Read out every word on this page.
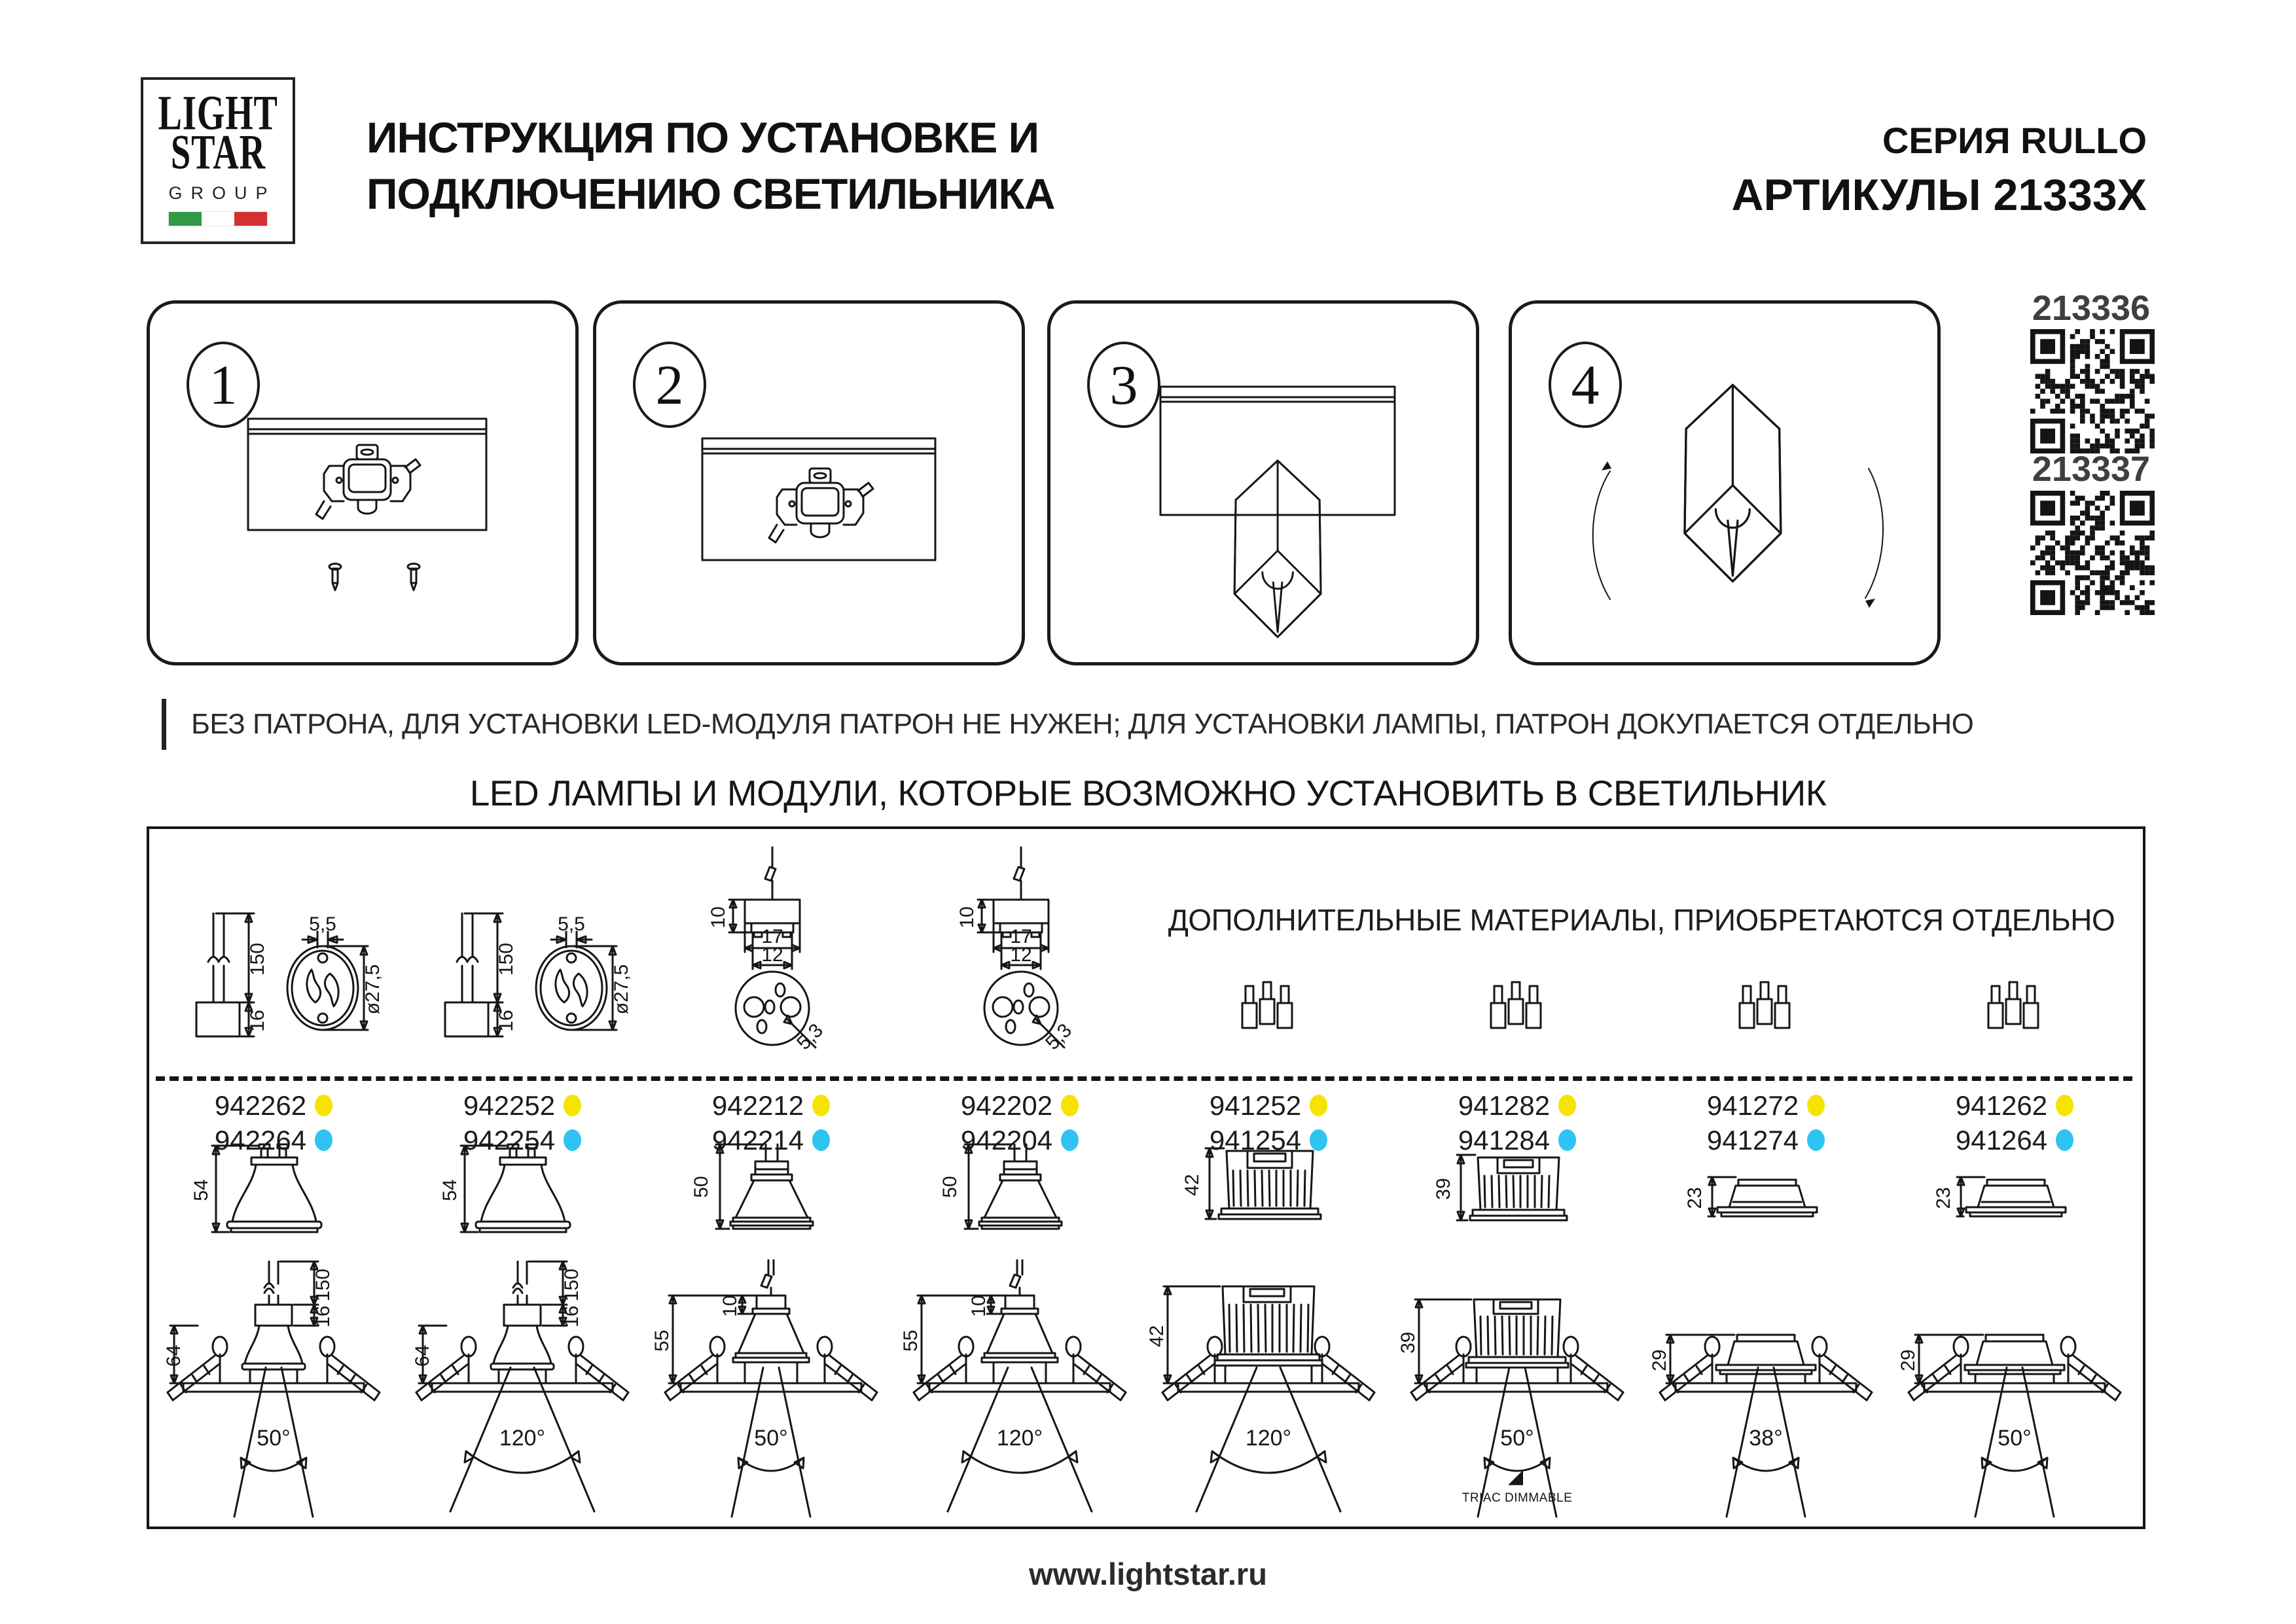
LIGHT
STAR
GROUP
ИНСТРУКЦИЯ ПО УСТАНОВКЕ И
ПОДКЛЮЧЕНИЮ СВЕТИЛЬНИКА
СЕРИЯ RULLO
АРТИКУЛЫ 21333X
213336
213337
1	2	3	4
БЕЗ ПАТРОНА, ДЛЯ УСТАНОВКИ LED-МОДУЛЯ ПАТРОН НЕ НУЖЕН; ДЛЯ УСТАНОВКИ ЛАМПЫ, ПАТРОН ДОКУПАЕТСЯ ОТДЕЛЬНО
LED ЛАМПЫ И МОДУЛИ, КОТОРЫЕ ВОЗМОЖНО УСТАНОВИТЬ В СВЕТИЛЬНИК
ДОПОЛНИТЕЛЬНЫЕ МАТЕРИАЛЫ, ПРИОБРЕТАЮТСЯ ОТДЕЛЬНО
150
16
5,5
ø27,5
942262
942264
54
150
16
64
50°
150
16
5,5
ø27,5
942252
942254
54
150
16
64
120°
10
17
12
5,3
942212
942214
50
55
10
50°
10
17
12
5,3
942202
942204
50
55
10
120°
941252
941254
42
42
120°
941282
941284
39
39
50°
◢
TRIAC DIMMABLE
941272
941274
23
29
38°
941262
941264
23
29
50°
www.lightstar.ru
